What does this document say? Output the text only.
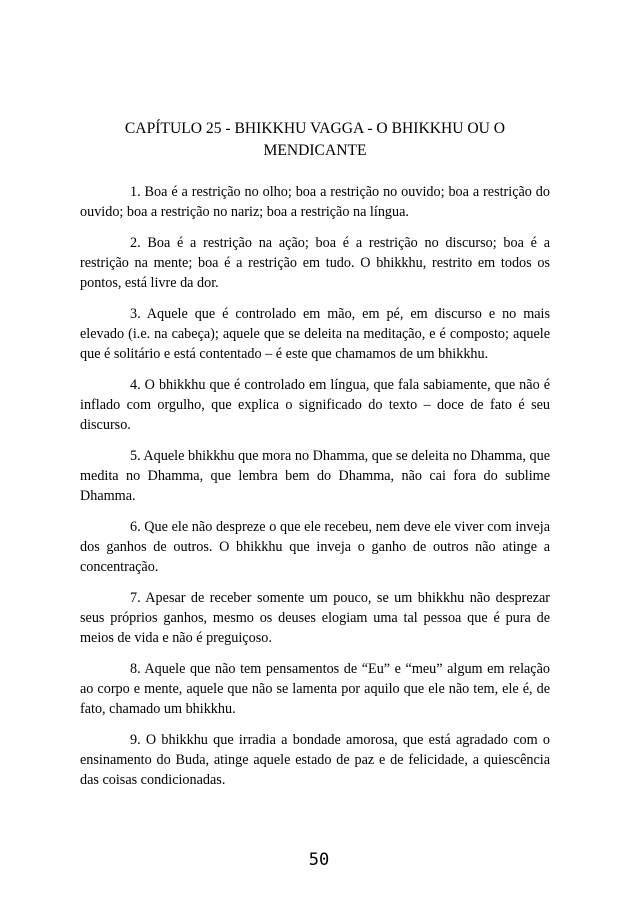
CAPÍTULO 25 - BHIKKHU VAGGA - O BHIKKHU OU O
MENDICANTE

1. Boa é a restrição no olho; boa a restrição no ouvido; boa a restrição do ouvido; boa a restrição no nariz; boa a restrição na língua.

2. Boa é a restrição na ação; boa é a restrição no discurso; boa é a restrição na mente; boa é a restrição em tudo. O bhikkhu, restrito em todos os pontos, está livre da dor.

3. Aquele que é controlado em mão, em pé, em discurso e no mais elevado (i.e. na cabeça); aquele que se deleita na meditação, e é composto; aquele que é solitário e está contentado – é este que chamamos de um bhikkhu.

4. O bhikkhu que é controlado em língua, que fala sabiamente, que não é inflado com orgulho, que explica o significado do texto – doce de fato é seu discurso.

5. Aquele bhikkhu que mora no Dhamma, que se deleita no Dhamma, que medita no Dhamma, que lembra bem do Dhamma, não cai fora do sublime Dhamma.

6. Que ele não despreze o que ele recebeu, nem deve ele viver com inveja dos ganhos de outros. O bhikkhu que inveja o ganho de outros não atinge a concentração.

7. Apesar de receber somente um pouco, se um bhikkhu não desprezar seus próprios ganhos, mesmo os deuses elogiam uma tal pessoa que é pura de meios de vida e não é preguiçoso.

8. Aquele que não tem pensamentos de “Eu” e “meu” algum em relação ao corpo e mente, aquele que não se lamenta por aquilo que ele não tem, ele é, de fato, chamado um bhikkhu.

9. O bhikkhu que irradia a bondade amorosa, que está agradado com o ensinamento do Buda, atinge aquele estado de paz e de felicidade, a quiescência das coisas condicionadas.

50
